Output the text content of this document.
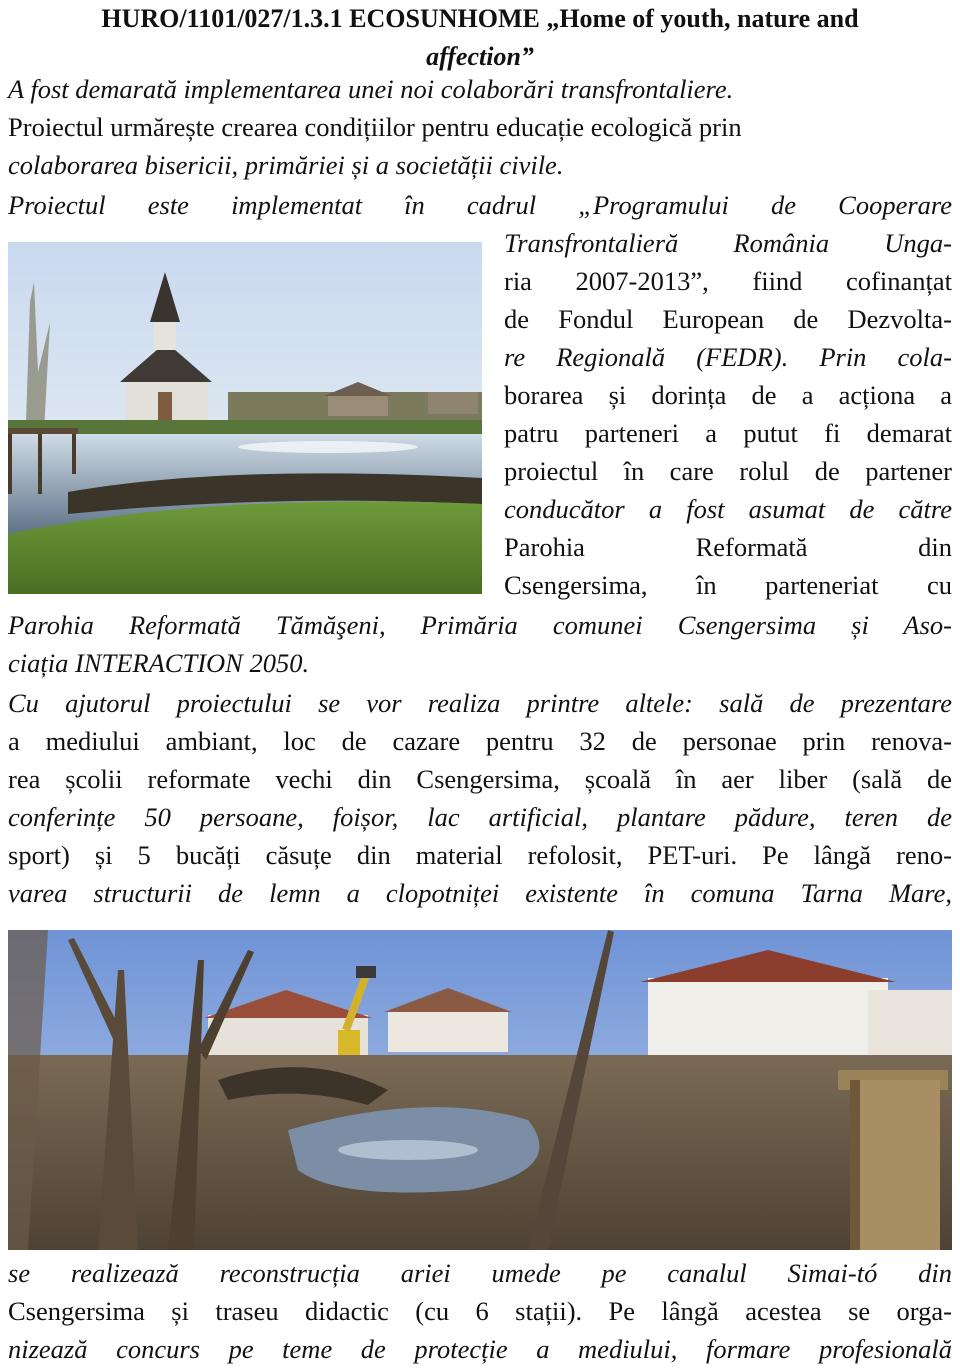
HURO/1101/027/1.3.1 ECOSUNHOME „Home of youth, nature and
affection”
A fost demarată implementarea unei noi colaborări transfrontaliere.
Proiectul urmărește crearea condițiilor pentru educație ecologică prin
colaborarea bisericii, primăriei și a societății civile.
Proiectul este implementat în cadrul „Programului de Cooperare
Transfrontalieră România Unga-
ria 2007-2013”, fiind cofinanțat
de Fondul European de Dezvolta-
re Regională (FEDR). Prin cola-
borarea și dorința de a acționa a
patru parteneri a putut fi demarat
proiectul în care rolul de partener
conducător a fost asumat de către
Parohia Reformată din
Csengersima, în parteneriat cu
Parohia Reformată Tămăşeni, Primăria comunei Csengersima și Aso-
ciația INTERACTION 2050.
Cu ajutorul proiectului se vor realiza printre altele: sală de prezentare
a mediului ambiant, loc de cazare pentru 32 de personae prin renova-
rea școlii reformate vechi din Csengersima, școală în aer liber (sală de
conferințe 50 persoane, foișor, lac artificial, plantare pădure, teren de
sport) și 5 bucăți căsuțe din material refolosit, PET-uri. Pe lângă reno-
varea structurii de lemn a clopotniței existente în comuna Tarna Mare,
se realizează reconstrucția ariei umede pe canalul Simai-tó din
Csengersima și traseu didactic (cu 6 stații). Pe lângă acestea se orga-
nizează concurs pe teme de protecție a mediului, formare profesională
